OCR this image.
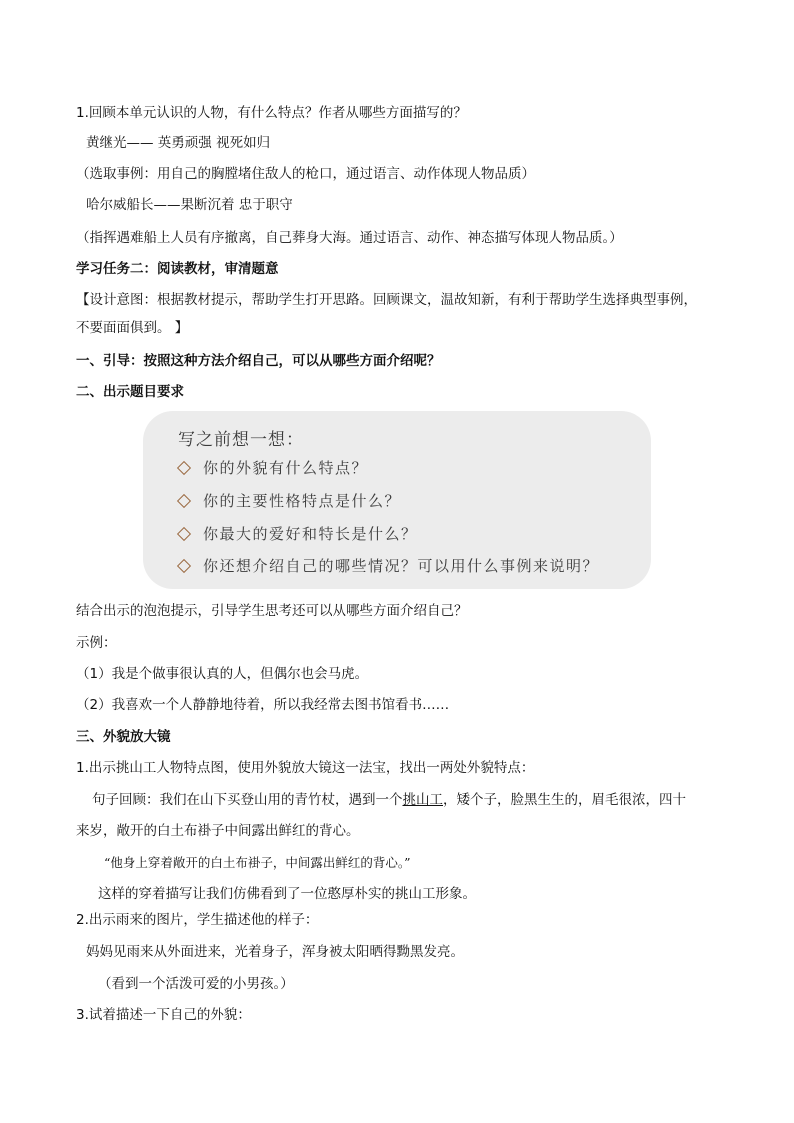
1.回顾本单元认识的人物，有什么特点？作者从哪些方面描写的？
黄继光—— 英勇顽强 视死如归
（选取事例：用自己的胸膛堵住敌人的枪口，通过语言、动作体现人物品质）
哈尔威船长——果断沉着 忠于职守
（指挥遇难船上人员有序撤离，自己葬身大海。通过语言、动作、神态描写体现人物品质。）
学习任务二：阅读教材，审清题意
【设计意图：根据教材提示，帮助学生打开思路。回顾课文，温故知新，有利于帮助学生选择典型事例，
不要面面俱到。 】
一、引导：按照这种方法介绍自己，可以从哪些方面介绍呢？
二、出示题目要求
写之前想一想：
你的外貌有什么特点？
你的主要性格特点是什么？
你最大的爱好和特长是什么？
你还想介绍自己的哪些情况？可以用什么事例来说明？
结合出示的泡泡提示，引导学生思考还可以从哪些方面介绍自己？
示例：
（1）我是个做事很认真的人，但偶尔也会马虎。
（2）我喜欢一个人静静地待着，所以我经常去图书馆看书……
三、外貌放大镜
1.出示挑山工人物特点图，使用外貌放大镜这一法宝，找出一两处外貌特点：
句子回顾：我们在山下买登山用的青竹杖，遇到一个挑山工，矮个子，脸黑生生的，眉毛很浓，四十
来岁，敞开的白土布褂子中间露出鲜红的背心。
“他身上穿着敞开的白土布褂子，中间露出鲜红的背心。”
这样的穿着描写让我们仿佛看到了一位憨厚朴实的挑山工形象。
2.出示雨来的图片，学生描述他的样子：
妈妈见雨来从外面进来，光着身子，浑身被太阳晒得黝黑发亮。
（看到一个活泼可爱的小男孩。）
3.试着描述一下自己的外貌：
